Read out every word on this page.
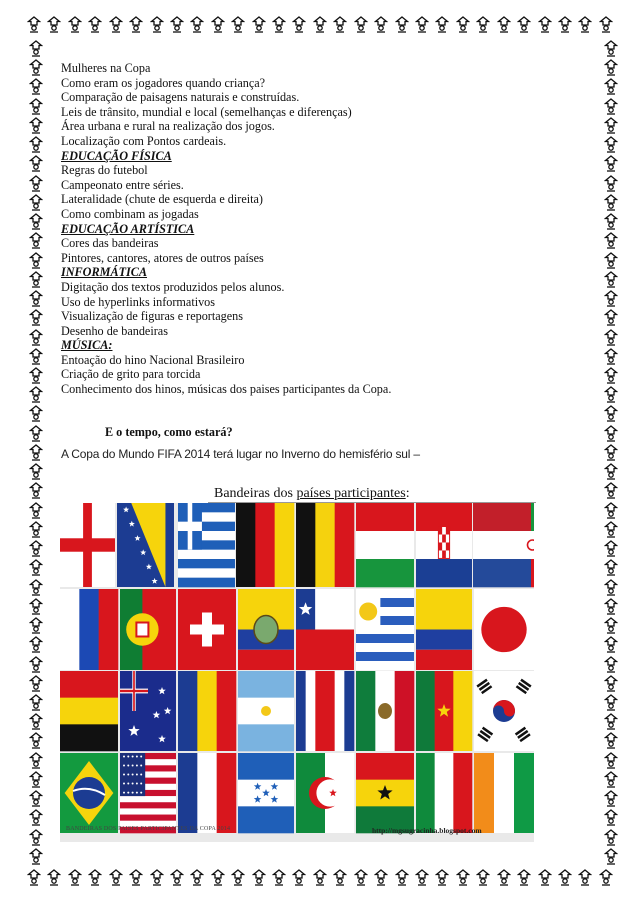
Mulheres na Copa
Como eram os jogadores quando criança?
Comparação de paisagens naturais e construídas.
Leis de trânsito, mundial e local (semelhanças e diferenças)
Área urbana e rural na realização dos jogos.
Localização com Pontos cardeais.
EDUCAÇÃO FÍSICA
Regras do futebol
Campeonato entre séries.
Lateralidade (chute de esquerda e direita)
Como combinam as jogadas
EDUCAÇÃO ARTÍSTICA
Cores das bandeiras
Pintores, cantores, atores de outros países
INFORMÁTICA
Digitação dos textos produzidos pelos alunos.
Uso de hyperlinks informativos
Visualização de figuras e reportagens
Desenho de bandeiras
MÚSICA:
Entoação do hino Nacional Brasileiro
Criação de grito para torcida
Conhecimento dos hinos, músicas dos paises participantes da Copa.
E o tempo, como estará?
A Copa do Mundo FIFA 2014 terá lugar no Inverno do hemisfério sul –
Bandeiras dos países participantes:
BANDEIRAS DOS PAISES PARTICIPANTES DA COPA 2014	http://mgsugracinha.blogspot.com
